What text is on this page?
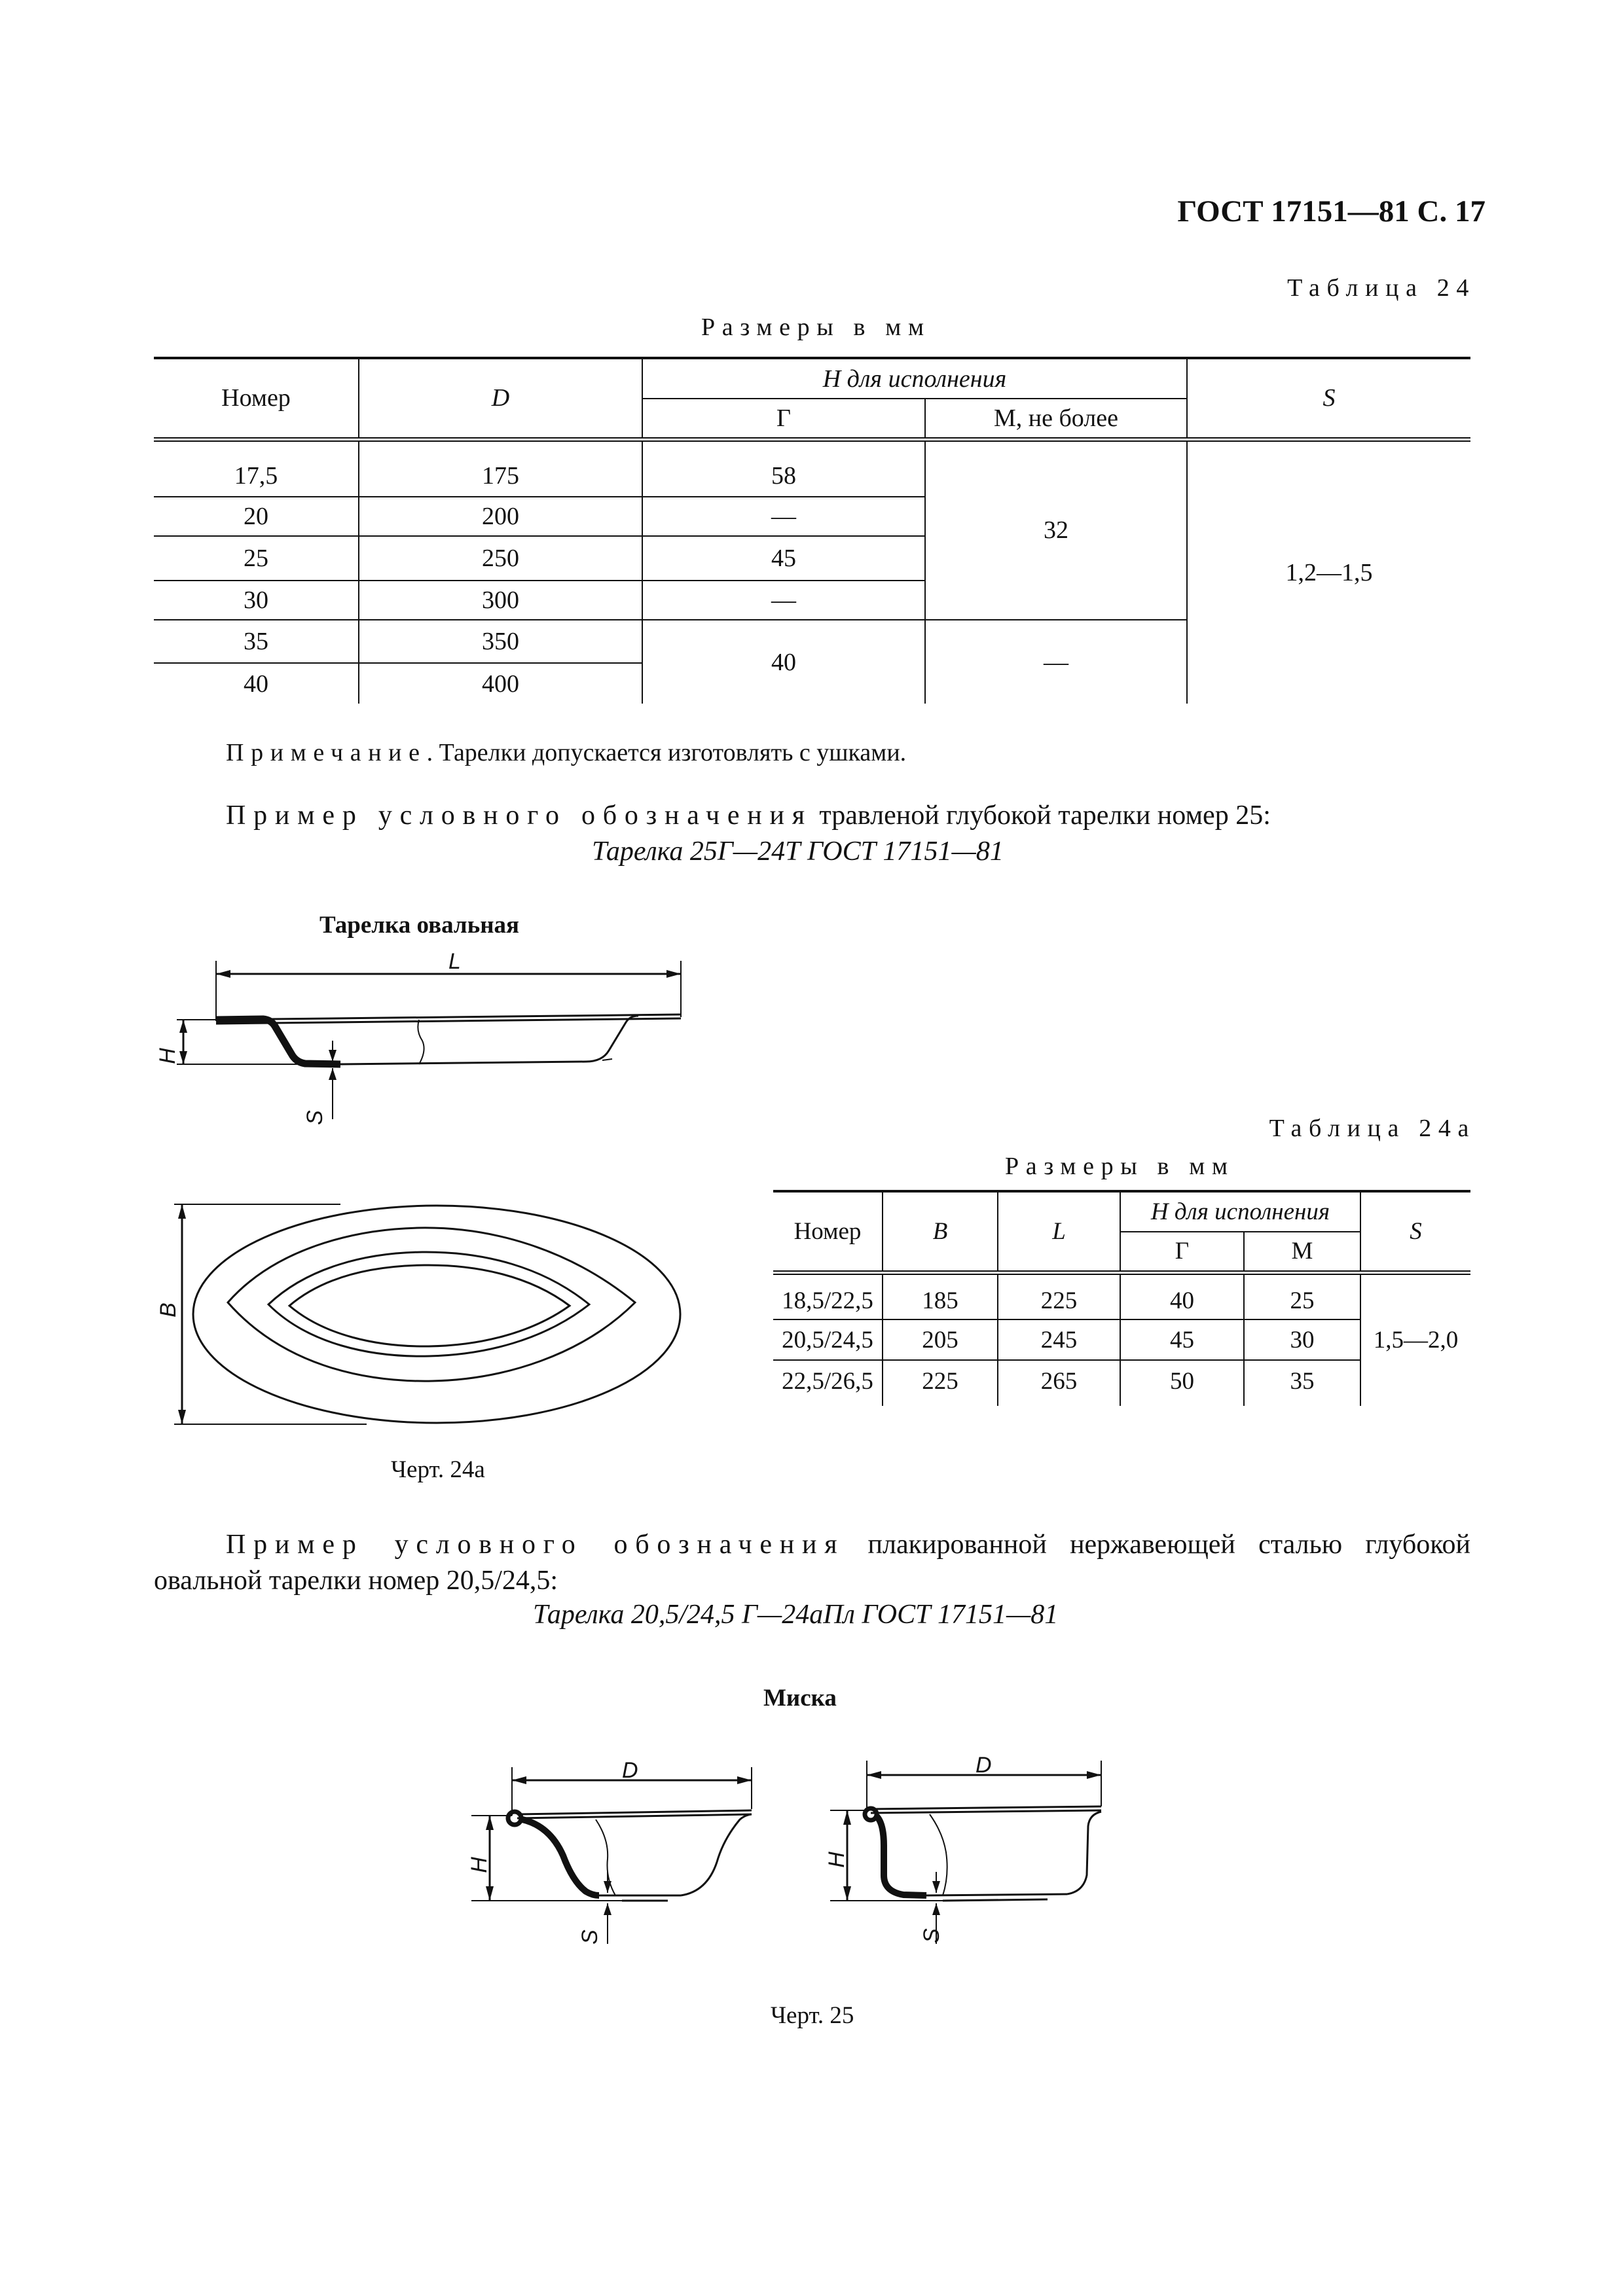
ГОСТ 17151—81 С. 17
Таблица 24
Размеры в мм
Номер	D	H для исполнения		S
		Г	М, не более	
17,5	175	58	32	1,2—1,5
20	200	—		
25	250	45		
30	300	—		
35	350	40	—	
40	400			
Примечание. Тарелки допускается изготовлять с ушками.
Пример условного обозначения травленой глубокой тарелки номер 25:
Тарелка 25Г—24Т ГОСТ 17151—81
Тарелка овальная
L
H
S
B
Черт. 24а
Таблица 24а
Размеры в мм
Номер	B	L	H для исполнения		S
			Г	М	
18,5/22,5	185	225	40	25	1,5—2,0
20,5/24,5	205	245	45	30	
22,5/26,5	225	265	50	35	
Пример условного обозначения плакированной нержавеющей сталью глубокой овальной тарелки номер 20,5/24,5:
Тарелка 20,5/24,5 Г—24аПл ГОСТ 17151—81
Миска
D
H
S
D
H
S
Черт. 25
